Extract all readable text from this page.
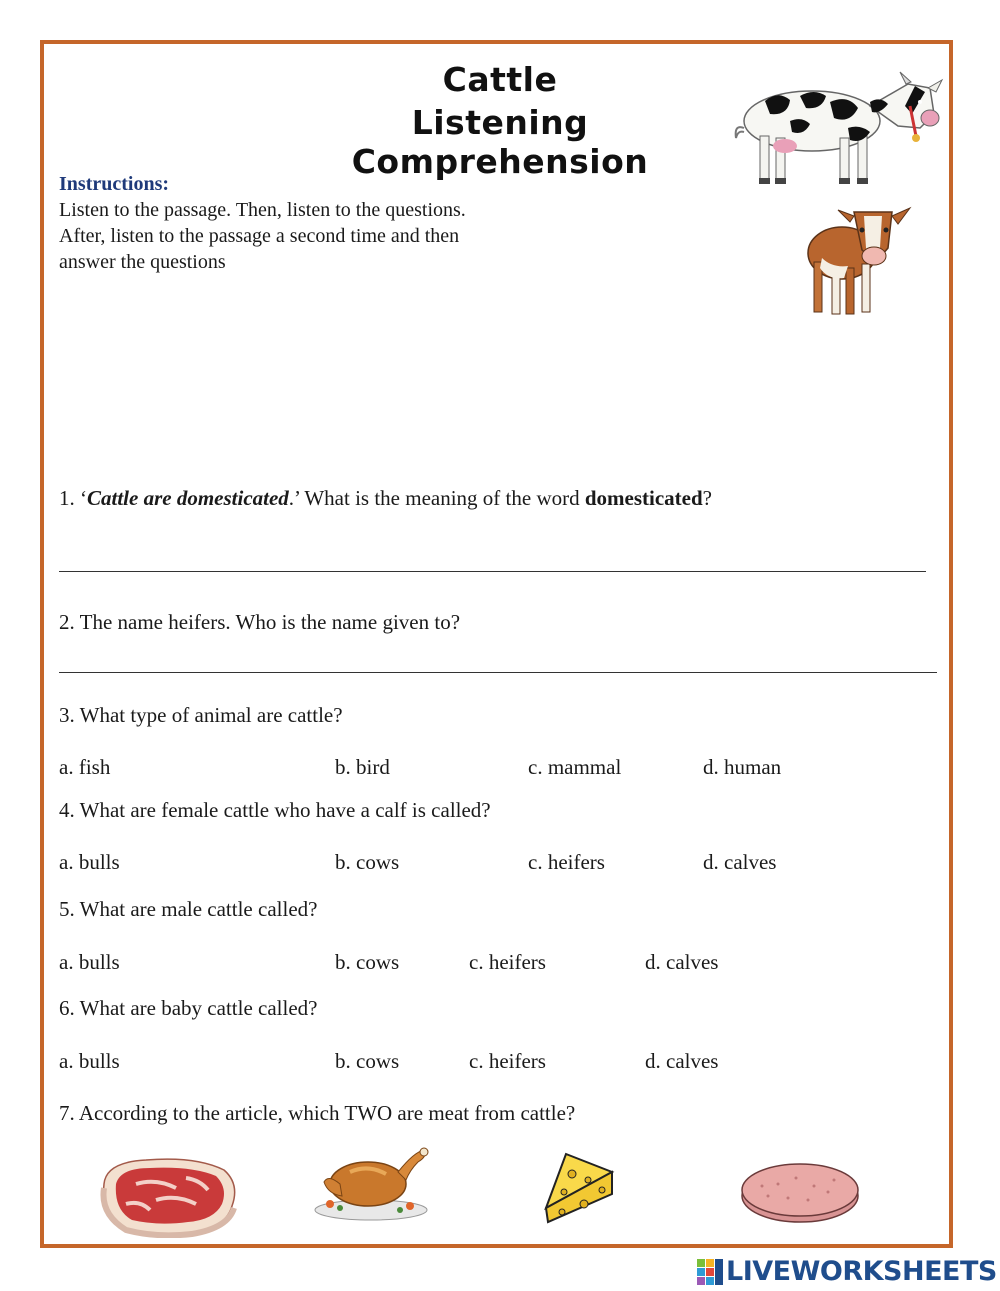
Cattle
Listening Comprehension
Instructions:
Listen to the passage. Then, listen to the questions.
After, listen to the passage a second time and then
answer the questions
1. ‘Cattle are domesticated.’ What is the meaning of the word domesticated?
2. The name heifers. Who is the name given to?
3. What type of animal are cattle?
a. fish	b. bird	c. mammal	d. human
4. What are female cattle who have a calf is called?
a. bulls	b. cows	c. heifers	d. calves
5. What are male cattle called?
a. bulls	b. cows	c. heifers	d. calves
6. What are baby cattle called?
a. bulls	b. cows	c. heifers	d. calves
7. According to the article, which TWO are meat from cattle?
LIVEWORKSHEETS
